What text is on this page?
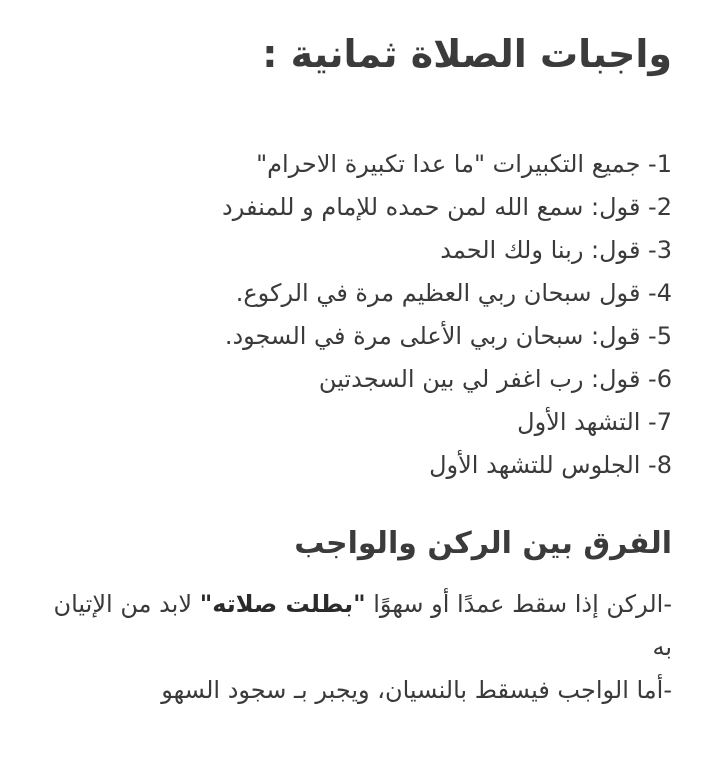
واجبات الصلاة ثمانية :
1- جميع التكبيرات "ما عدا تكبيرة الاحرام"
2- قول: سمع الله لمن حمده للإمام و للمنفرد
3- قول: ربنا ولك الحمد
4- قول سبحان ربي العظيم مرة في الركوع.
5- قول: سبحان ربي الأعلى مرة في السجود.
6- قول: رب اغفر لي بين السجدتين
7- التشهد الأول
8- الجلوس للتشهد الأول
الفرق بين الركن والواجب

-الركن إذا سقط عمدًا أو سهوًا "بطلت صلاته" لابد من الإتيان به

-أما الواجب فيسقط بالنسيان، ويجبر بـ سجود السهو
